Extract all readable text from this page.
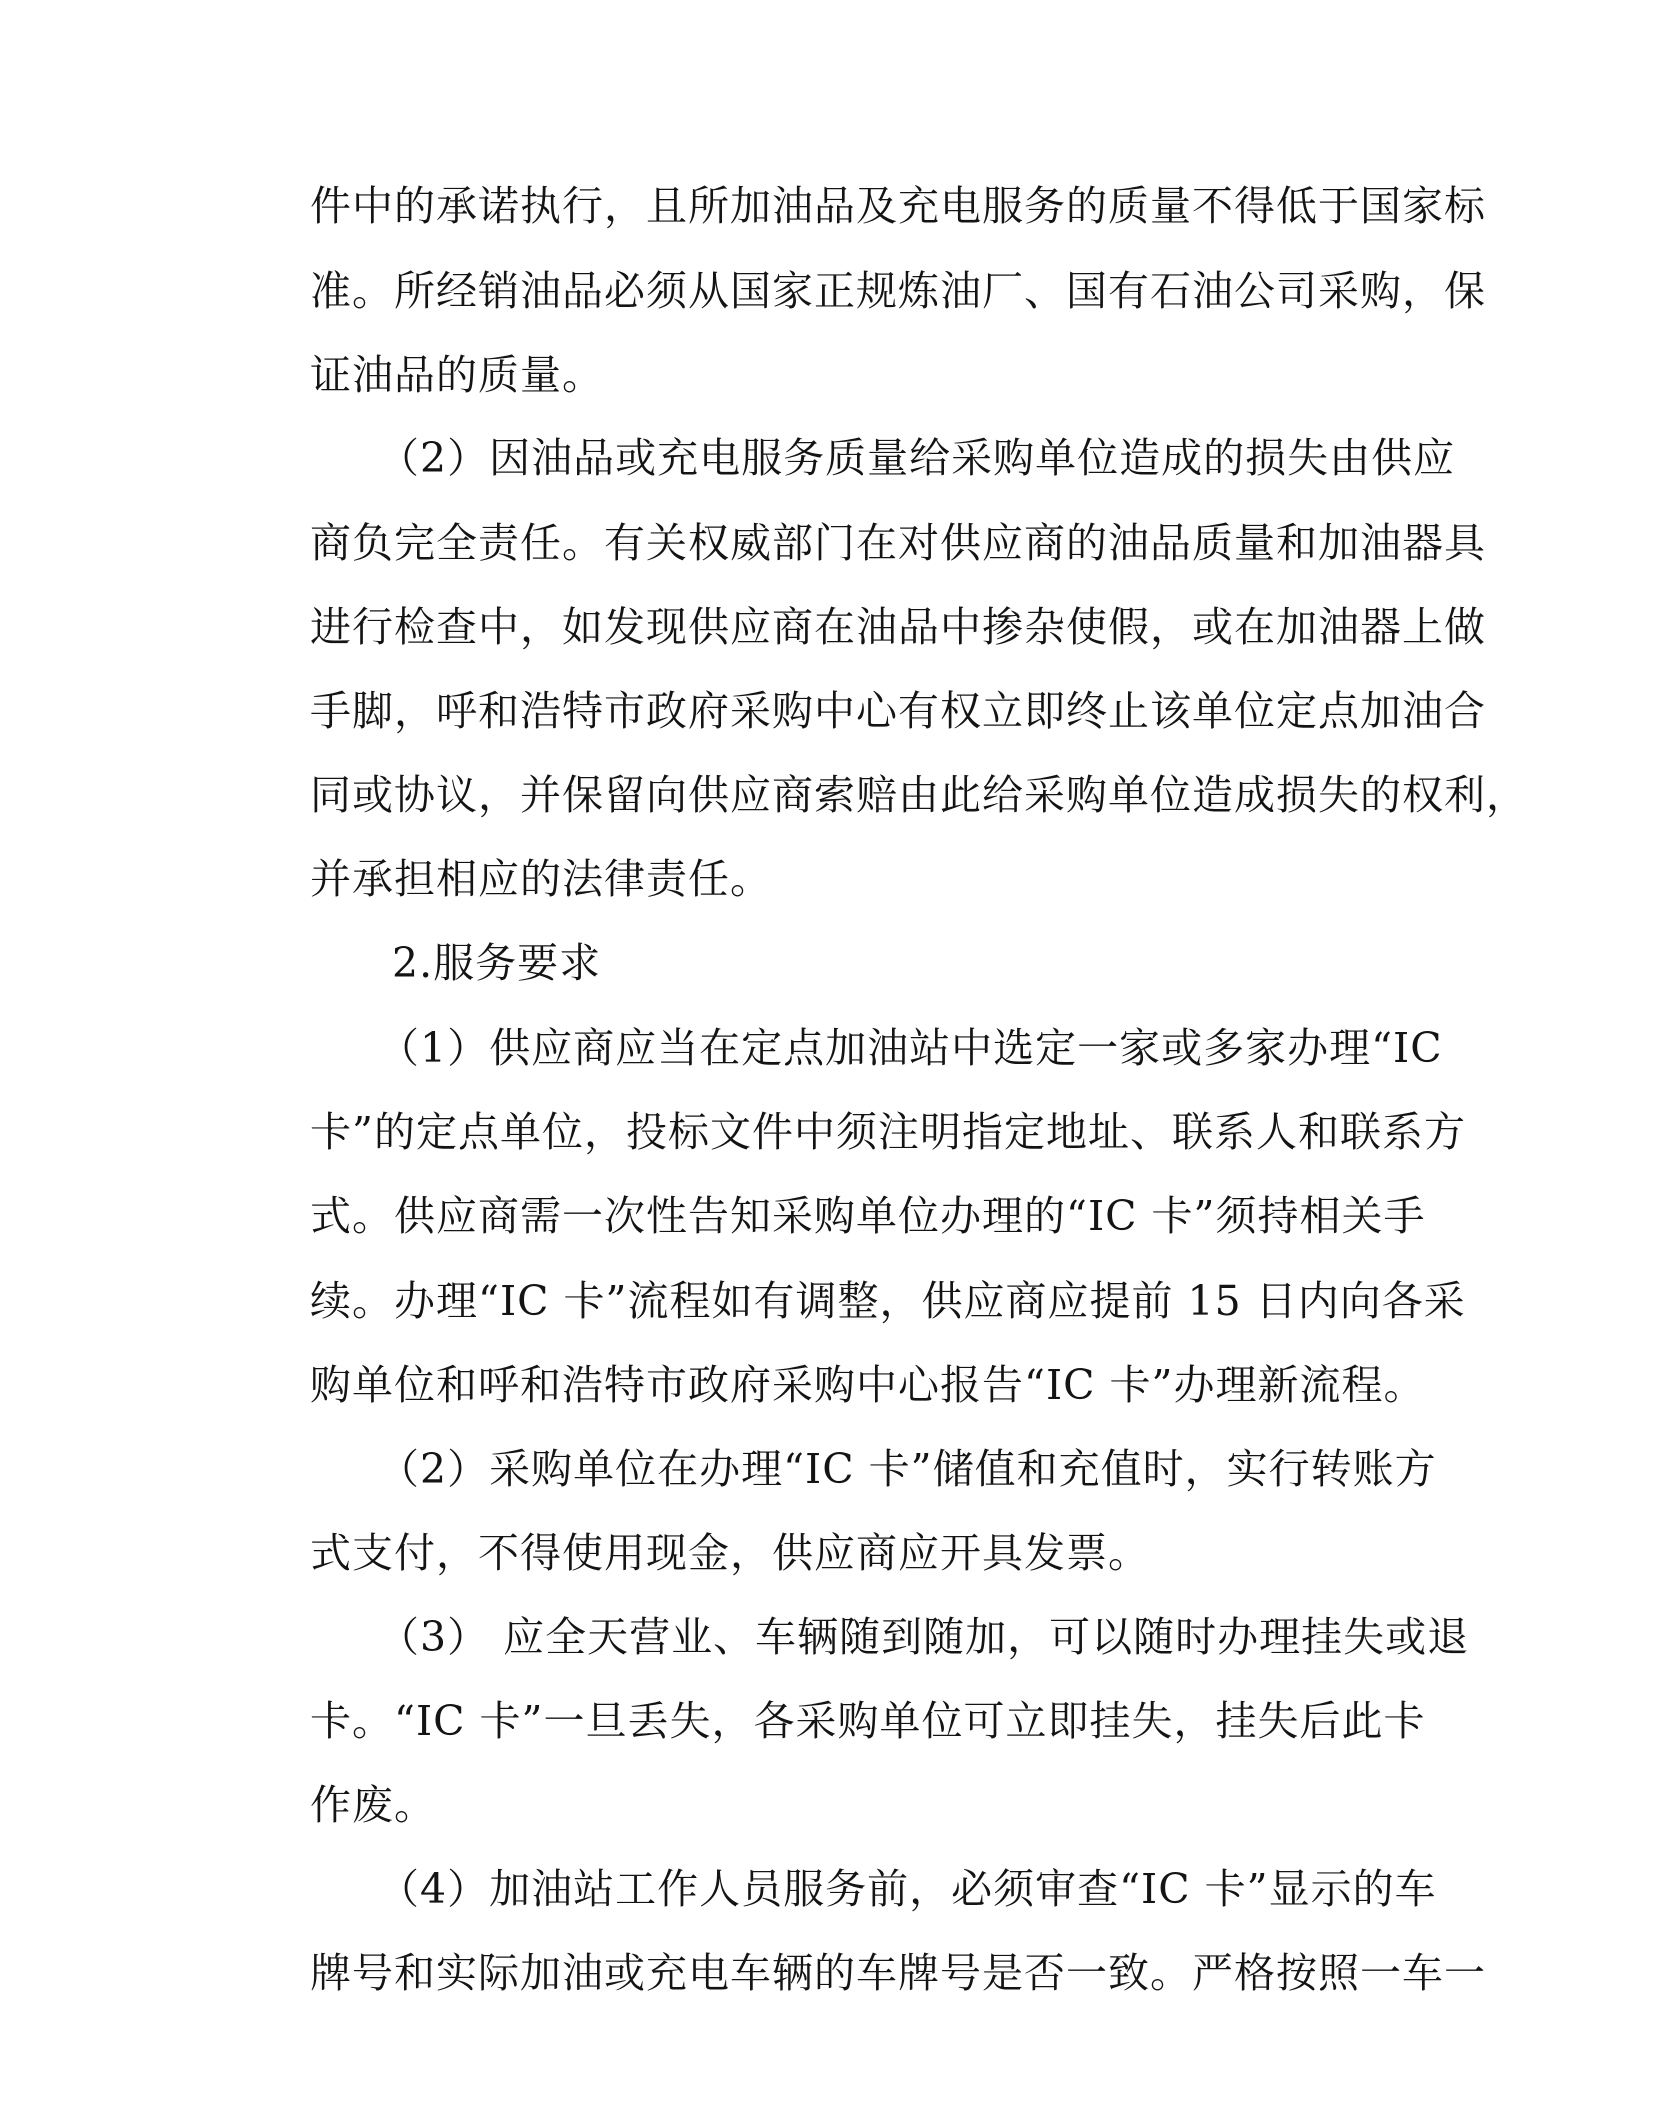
件中的承诺执行，且所加油品及充电服务的质量不得低于国家标
准。所经销油品必须从国家正规炼油厂、国有石油公司采购，保
证油品的质量。
（2）因油品或充电服务质量给采购单位造成的损失由供应
商负完全责任。有关权威部门在对供应商的油品质量和加油器具
进行检查中，如发现供应商在油品中掺杂使假，或在加油器上做
手脚，呼和浩特市政府采购中心有权立即终止该单位定点加油合
同或协议，并保留向供应商索赔由此给采购单位造成损失的权利，
并承担相应的法律责任。
2.服务要求
（1）供应商应当在定点加油站中选定一家或多家办理“IC
卡”的定点单位，投标文件中须注明指定地址、联系人和联系方
式。供应商需一次性告知采购单位办理的“IC 卡”须持相关手
续。办理“IC 卡”流程如有调整，供应商应提前 15 日内向各采
购单位和呼和浩特市政府采购中心报告“IC 卡”办理新流程。
（2）采购单位在办理“IC 卡”储值和充值时，实行转账方
式支付，不得使用现金，供应商应开具发票。
（3） 应全天营业、车辆随到随加，可以随时办理挂失或退
卡。“IC 卡”一旦丢失，各采购单位可立即挂失，挂失后此卡
作废。
（4）加油站工作人员服务前，必须审查“IC 卡”显示的车
牌号和实际加油或充电车辆的车牌号是否一致。严格按照一车一
